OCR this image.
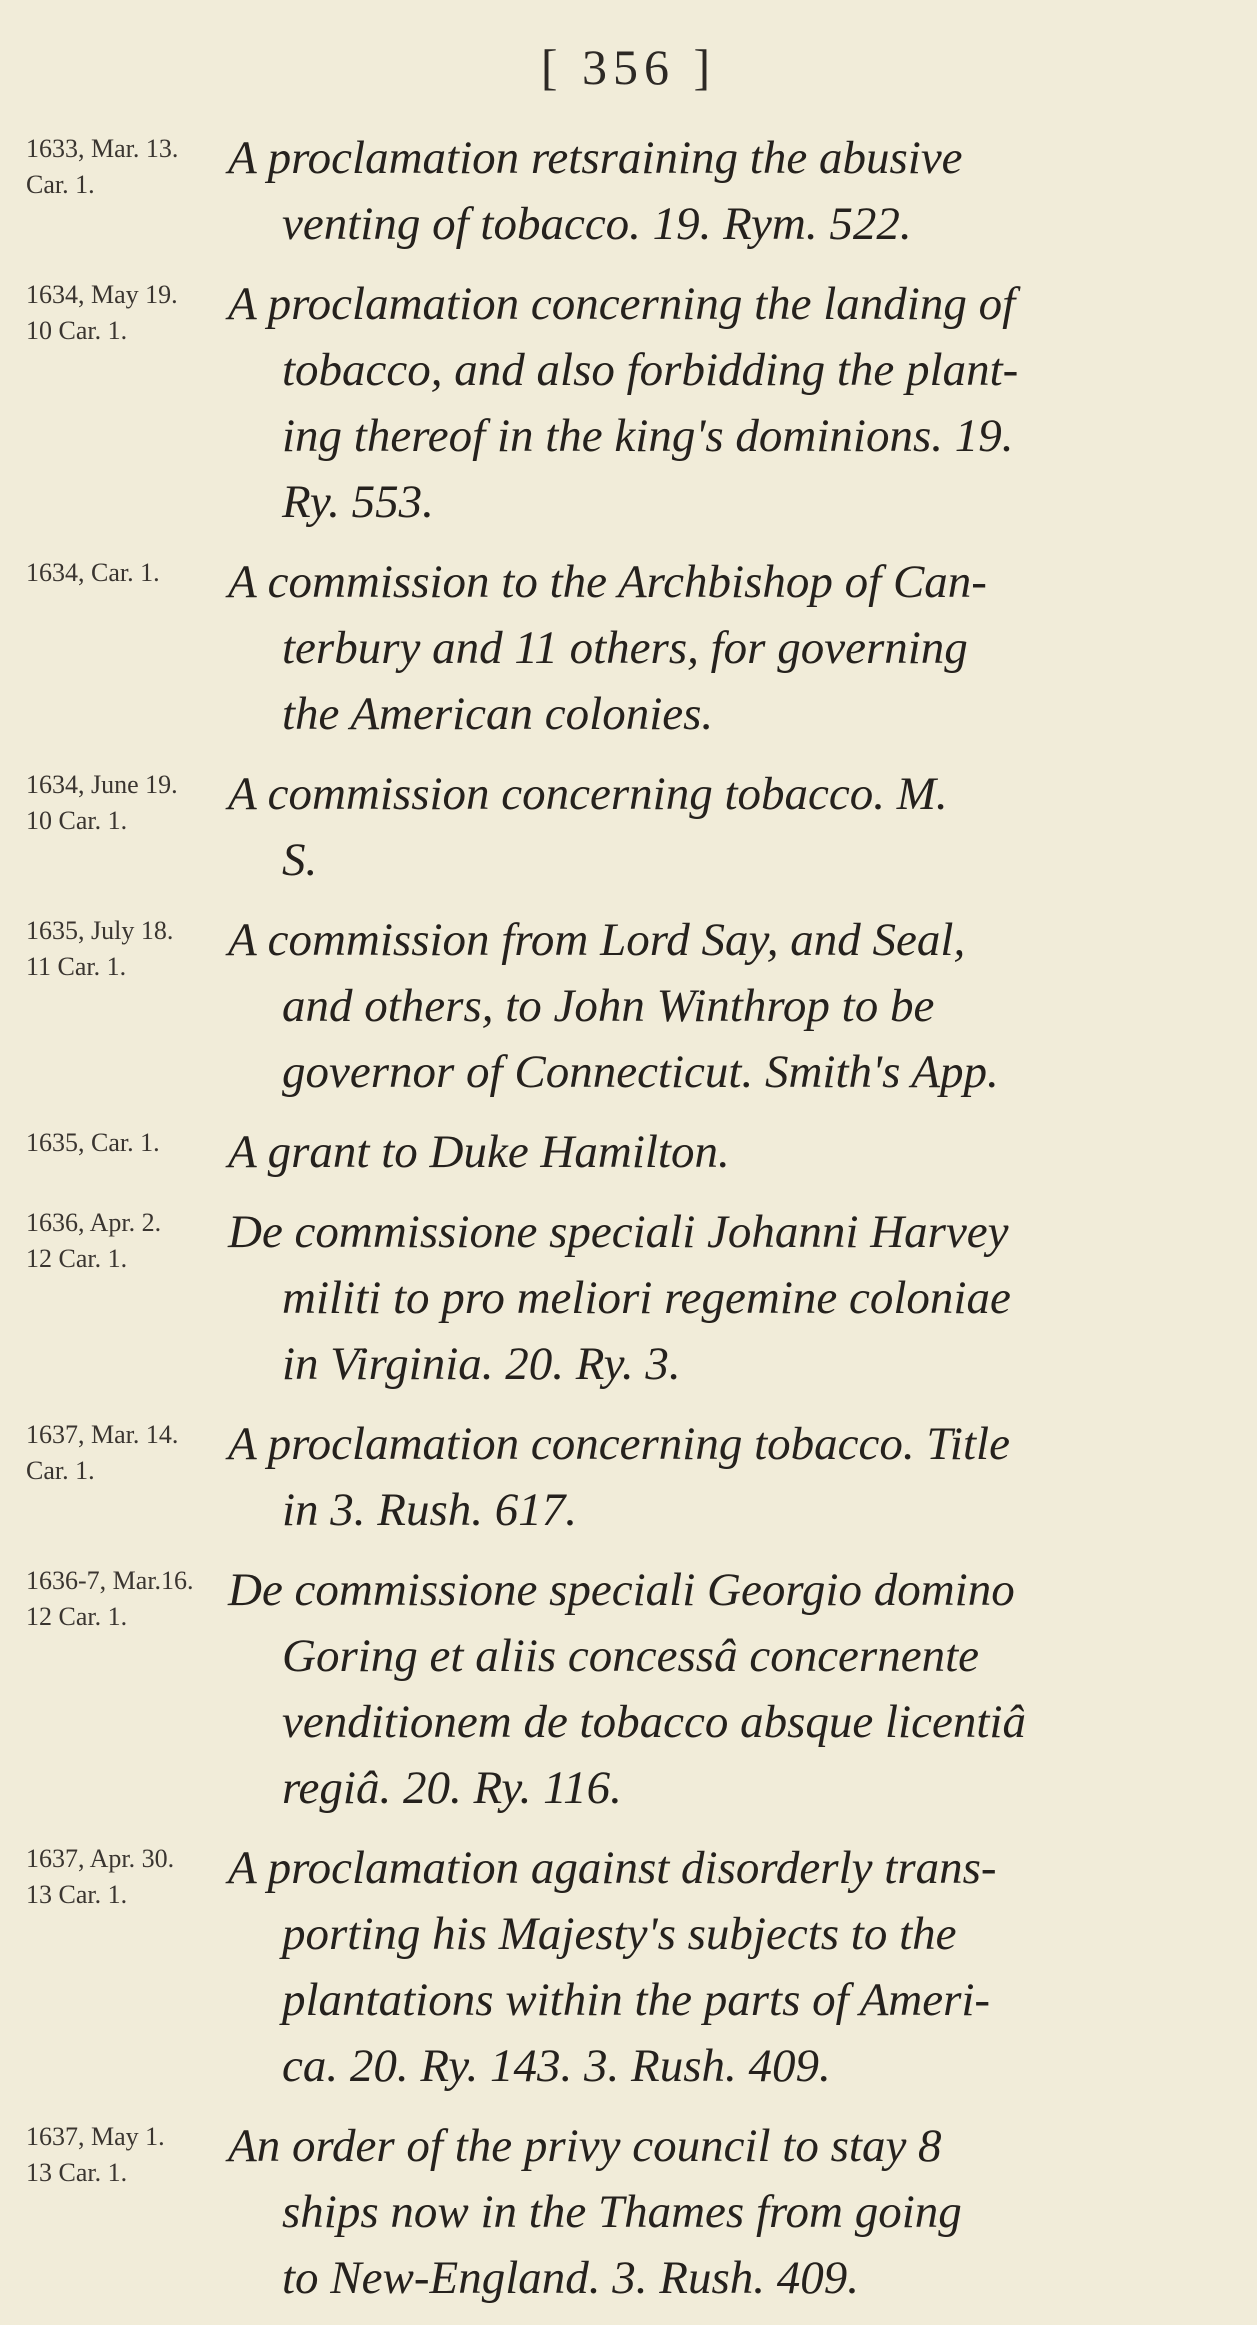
[ 356 ]
1633, Mar. 13.
Car. 1.
A proclamation retsraining the abusive
venting of tobacco. 19. Rym. 522.
1634, May 19.
10 Car. 1.
A proclamation concerning the landing of
tobacco, and also forbidding the plant-
ing thereof in the king's dominions. 19.
Ry. 553.
1634, Car. 1.	A commission to the Archbishop of Can-
terbury and 11 others, for governing
the American colonies.
1634, June 19.
10 Car. 1.
A commission concerning tobacco. M.
S.
1635, July 18.
11 Car. 1.
A commission from Lord Say, and Seal,
and others, to John Winthrop to be
governor of Connecticut. Smith's App.
1635, Car. 1.	A grant to Duke Hamilton.
1636, Apr. 2.
12 Car. 1.
De commissione speciali Johanni Harvey
militi to pro meliori regemine coloniae
in Virginia. 20. Ry. 3.
1637, Mar. 14.
Car. 1.
A proclamation concerning tobacco. Title
in 3. Rush. 617.
1636-7, Mar.16.
12 Car. 1.
De commissione speciali Georgio domino
Goring et aliis concessâ concernente
venditionem de tobacco absque licentiâ
regiâ. 20. Ry. 116.
1637, Apr. 30.
13 Car. 1.
A proclamation against disorderly trans-
porting his Majesty's subjects to the
plantations within the parts of Ameri-
ca. 20. Ry. 143. 3. Rush. 409.
1637, May 1.
13 Car. 1.
An order of the privy council to stay 8
ships now in the Thames from going
to New-England. 3. Rush. 409.
